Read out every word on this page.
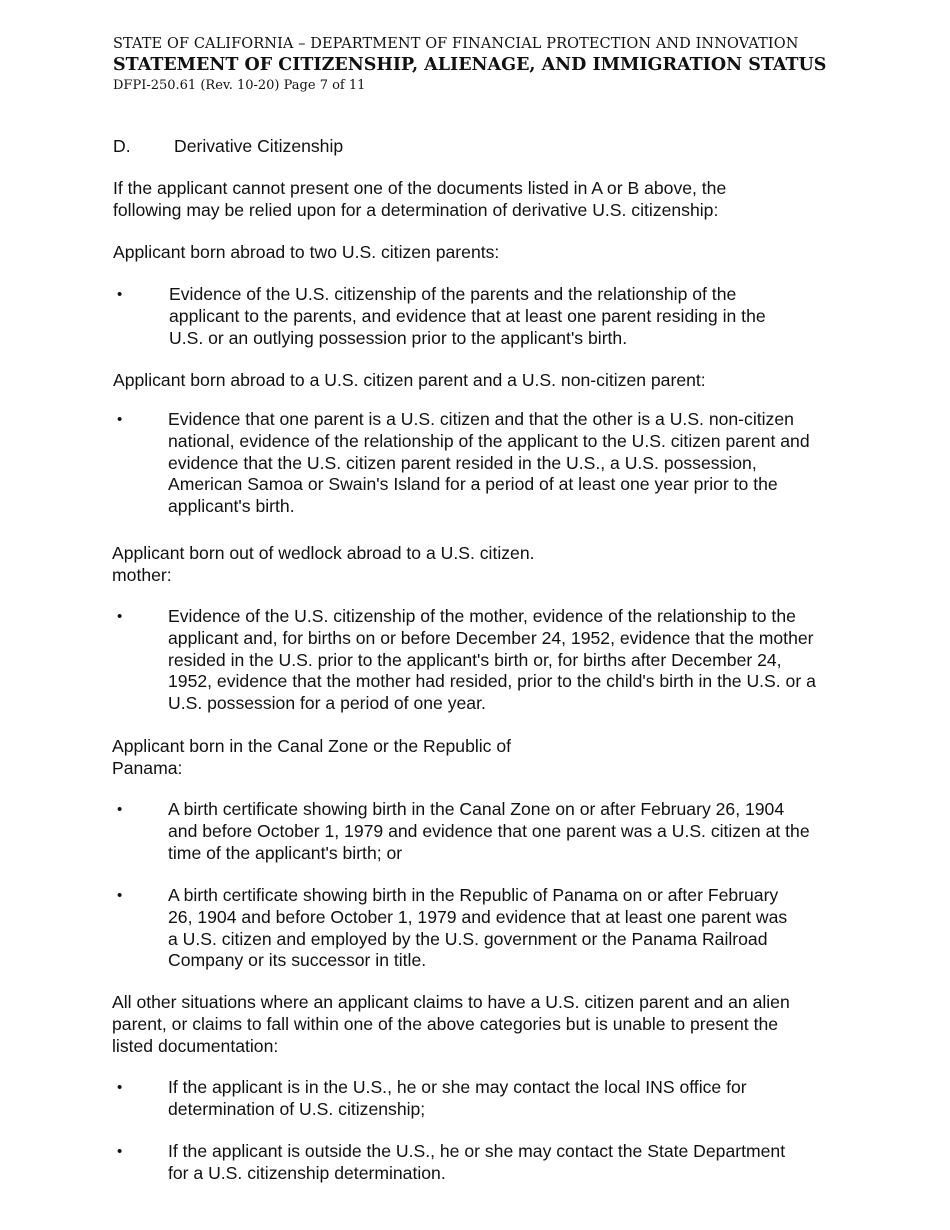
STATE OF CALIFORNIA – DEPARTMENT OF FINANCIAL PROTECTION AND INNOVATION
STATEMENT OF CITIZENSHIP, ALIENAGE, AND IMMIGRATION STATUS
DFPI-250.61 (Rev. 10-20) Page 7 of 11
D. Derivative Citizenship
If the applicant cannot present one of the documents listed in A or B above, the
following may be relied upon for a determination of derivative U.S. citizenship:
Applicant born abroad to two U.S. citizen parents:
•	Evidence of the U.S. citizenship of the parents and the relationship of the
applicant to the parents, and evidence that at least one parent residing in the
U.S. or an outlying possession prior to the applicant's birth.
Applicant born abroad to a U.S. citizen parent and a U.S. non-citizen parent:
•	Evidence that one parent is a U.S. citizen and that the other is a U.S. non-citizen
national, evidence of the relationship of the applicant to the U.S. citizen parent and
evidence that the U.S. citizen parent resided in the U.S., a U.S. possession,
American Samoa or Swain's Island for a period of at least one year prior to the
applicant's birth.
Applicant born out of wedlock abroad to a U.S. citizen.
mother:
•	Evidence of the U.S. citizenship of the mother, evidence of the relationship to the
applicant and, for births on or before December 24, 1952, evidence that the mother
resided in the U.S. prior to the applicant's birth or, for births after December 24,
1952, evidence that the mother had resided, prior to the child's birth in the U.S. or a
U.S. possession for a period of one year.
Applicant born in the Canal Zone or the Republic of
Panama:
•	A birth certificate showing birth in the Canal Zone on or after February 26, 1904
and before October 1, 1979 and evidence that one parent was a U.S. citizen at the
time of the applicant's birth; or
•	A birth certificate showing birth in the Republic of Panama on or after February
26, 1904 and before October 1, 1979 and evidence that at least one parent was
a U.S. citizen and employed by the U.S. government or the Panama Railroad
Company or its successor in title.
All other situations where an applicant claims to have a U.S. citizen parent and an alien
parent, or claims to fall within one of the above categories but is unable to present the
listed documentation:
•	If the applicant is in the U.S., he or she may contact the local INS office for
determination of U.S. citizenship;
•	If the applicant is outside the U.S., he or she may contact the State Department
for a U.S. citizenship determination.
